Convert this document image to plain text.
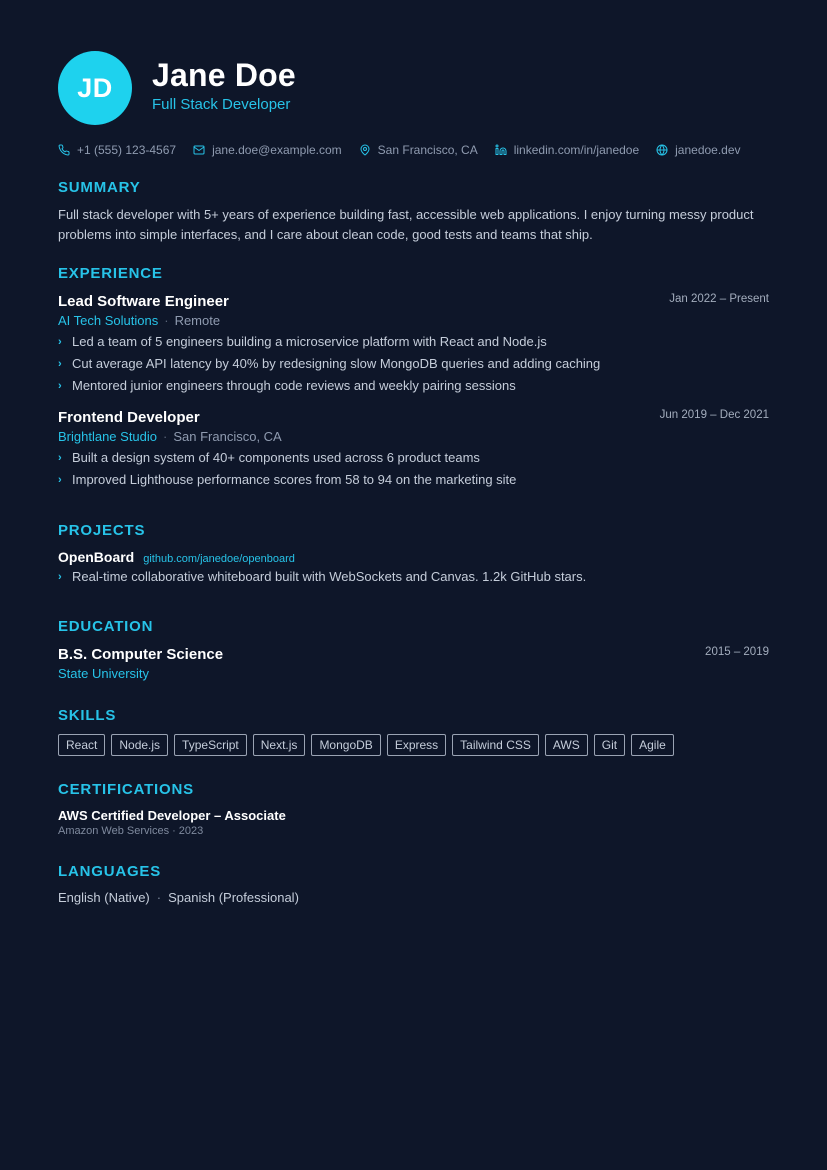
JD	Jane Doe
Full Stack Developer
+1 (555) 123-4567	jane.doe@example.com	San Francisco, CA	linkedin.com/in/janedoe	janedoe.dev
SUMMARY

Full stack developer with 5+ years of experience building fast, accessible web applications. I enjoy turning messy product problems into simple interfaces, and I care about clean code, good tests and teams that ship.

EXPERIENCE
Lead Software Engineer	Jan 2022 – Present
AI Tech Solutions · Remote
› Led a team of 5 engineers building a microservice platform with React and Node.js
› Cut average API latency by 40% by redesigning slow MongoDB queries and adding caching
› Mentored junior engineers through code reviews and weekly pairing sessions
Frontend Developer	Jun 2019 – Dec 2021
Brightlane Studio · San Francisco, CA
› Built a design system of 40+ components used across 6 product teams
› Improved Lighthouse performance scores from 58 to 94 on the marketing site
PROJECTS
OpenBoard github.com/janedoe/openboard
› Real-time collaborative whiteboard built with WebSockets and Canvas. 1.2k GitHub stars.
EDUCATION
B.S. Computer Science	2015 – 2019
State University
SKILLS
React	Node.js	TypeScript	Next.js	MongoDB	Express	Tailwind CSS	AWS	Git	Agile
CERTIFICATIONS
AWS Certified Developer – Associate
Amazon Web Services · 2023
LANGUAGES
English (Native) · Spanish (Professional)
